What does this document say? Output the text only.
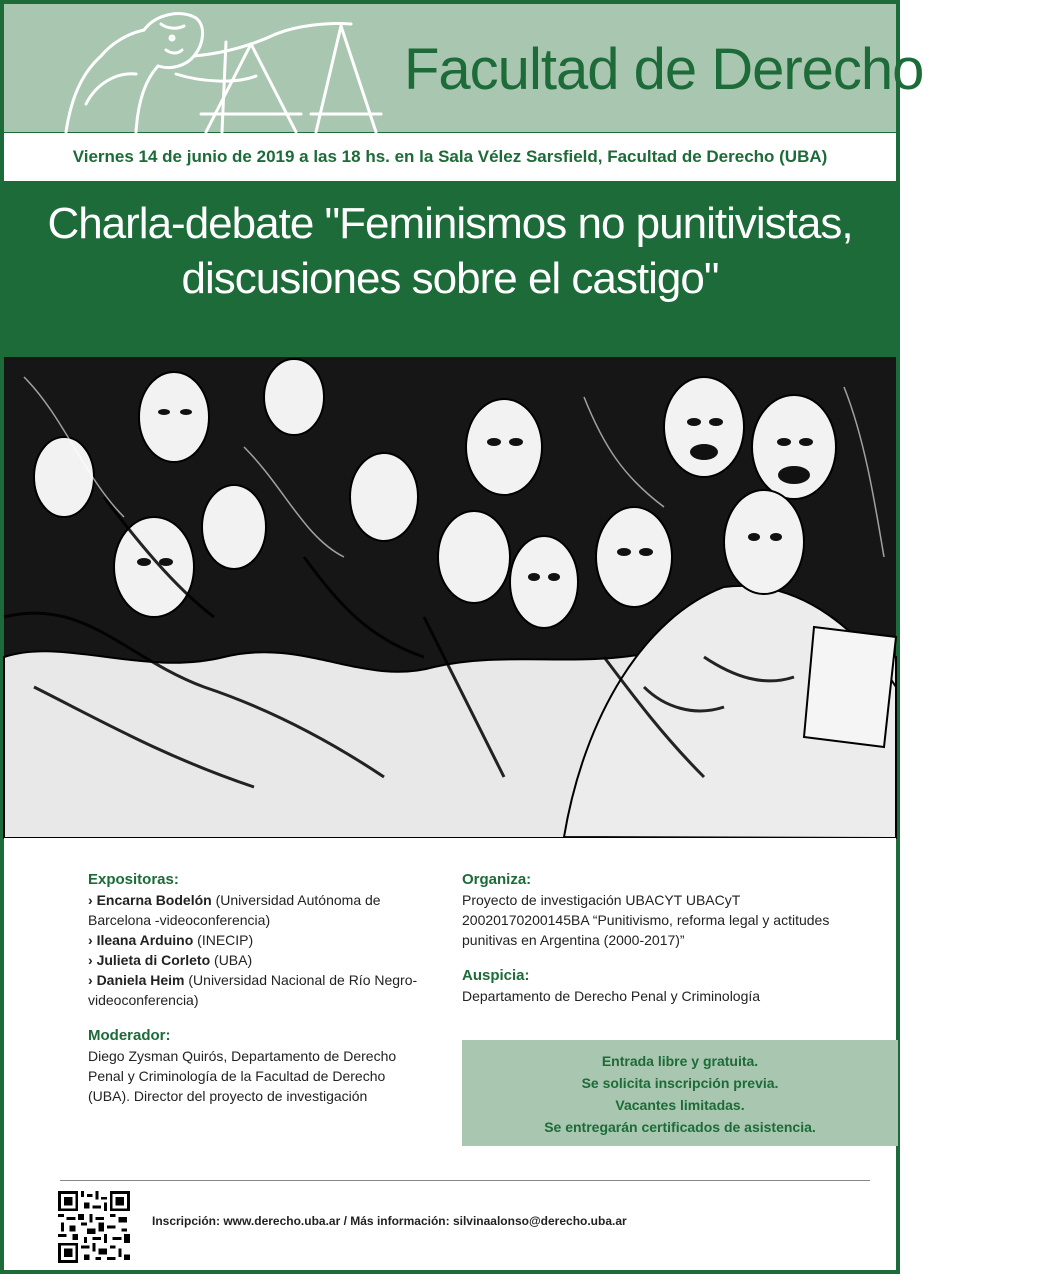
Facultad de Derecho UBA
Viernes 14 de junio de 2019 a las 18 hs. en la Sala Vélez Sarsfield, Facultad de Derecho (UBA)
Charla-debate "Feminismos no punitivistas,
discusiones sobre el castigo"
Expositoras:
› Encarna Bodelón (Universidad Autónoma de Barcelona -videoconferencia)
› Ileana Arduino (INECIP)
› Julieta di Corleto (UBA)
› Daniela Heim (Universidad Nacional de Río Negro- videoconferencia)
Moderador:
Diego Zysman Quirós, Departamento de Derecho Penal y Criminología de la Facultad de Derecho (UBA). Director del proyecto de investigación
Organiza:
Proyecto de investigación UBACYT UBACyT 20020170200145BA “Punitivismo, reforma legal y actitudes punitivas en Argentina (2000-2017)”
Auspicia:
Departamento de Derecho Penal y Criminología
Entrada libre y gratuita.
Se solicita inscripción previa.
Vacantes limitadas.
Se entregarán certificados de asistencia.
Inscripción: www.derecho.uba.ar / Más información: silvinaalonso@derecho.uba.ar
